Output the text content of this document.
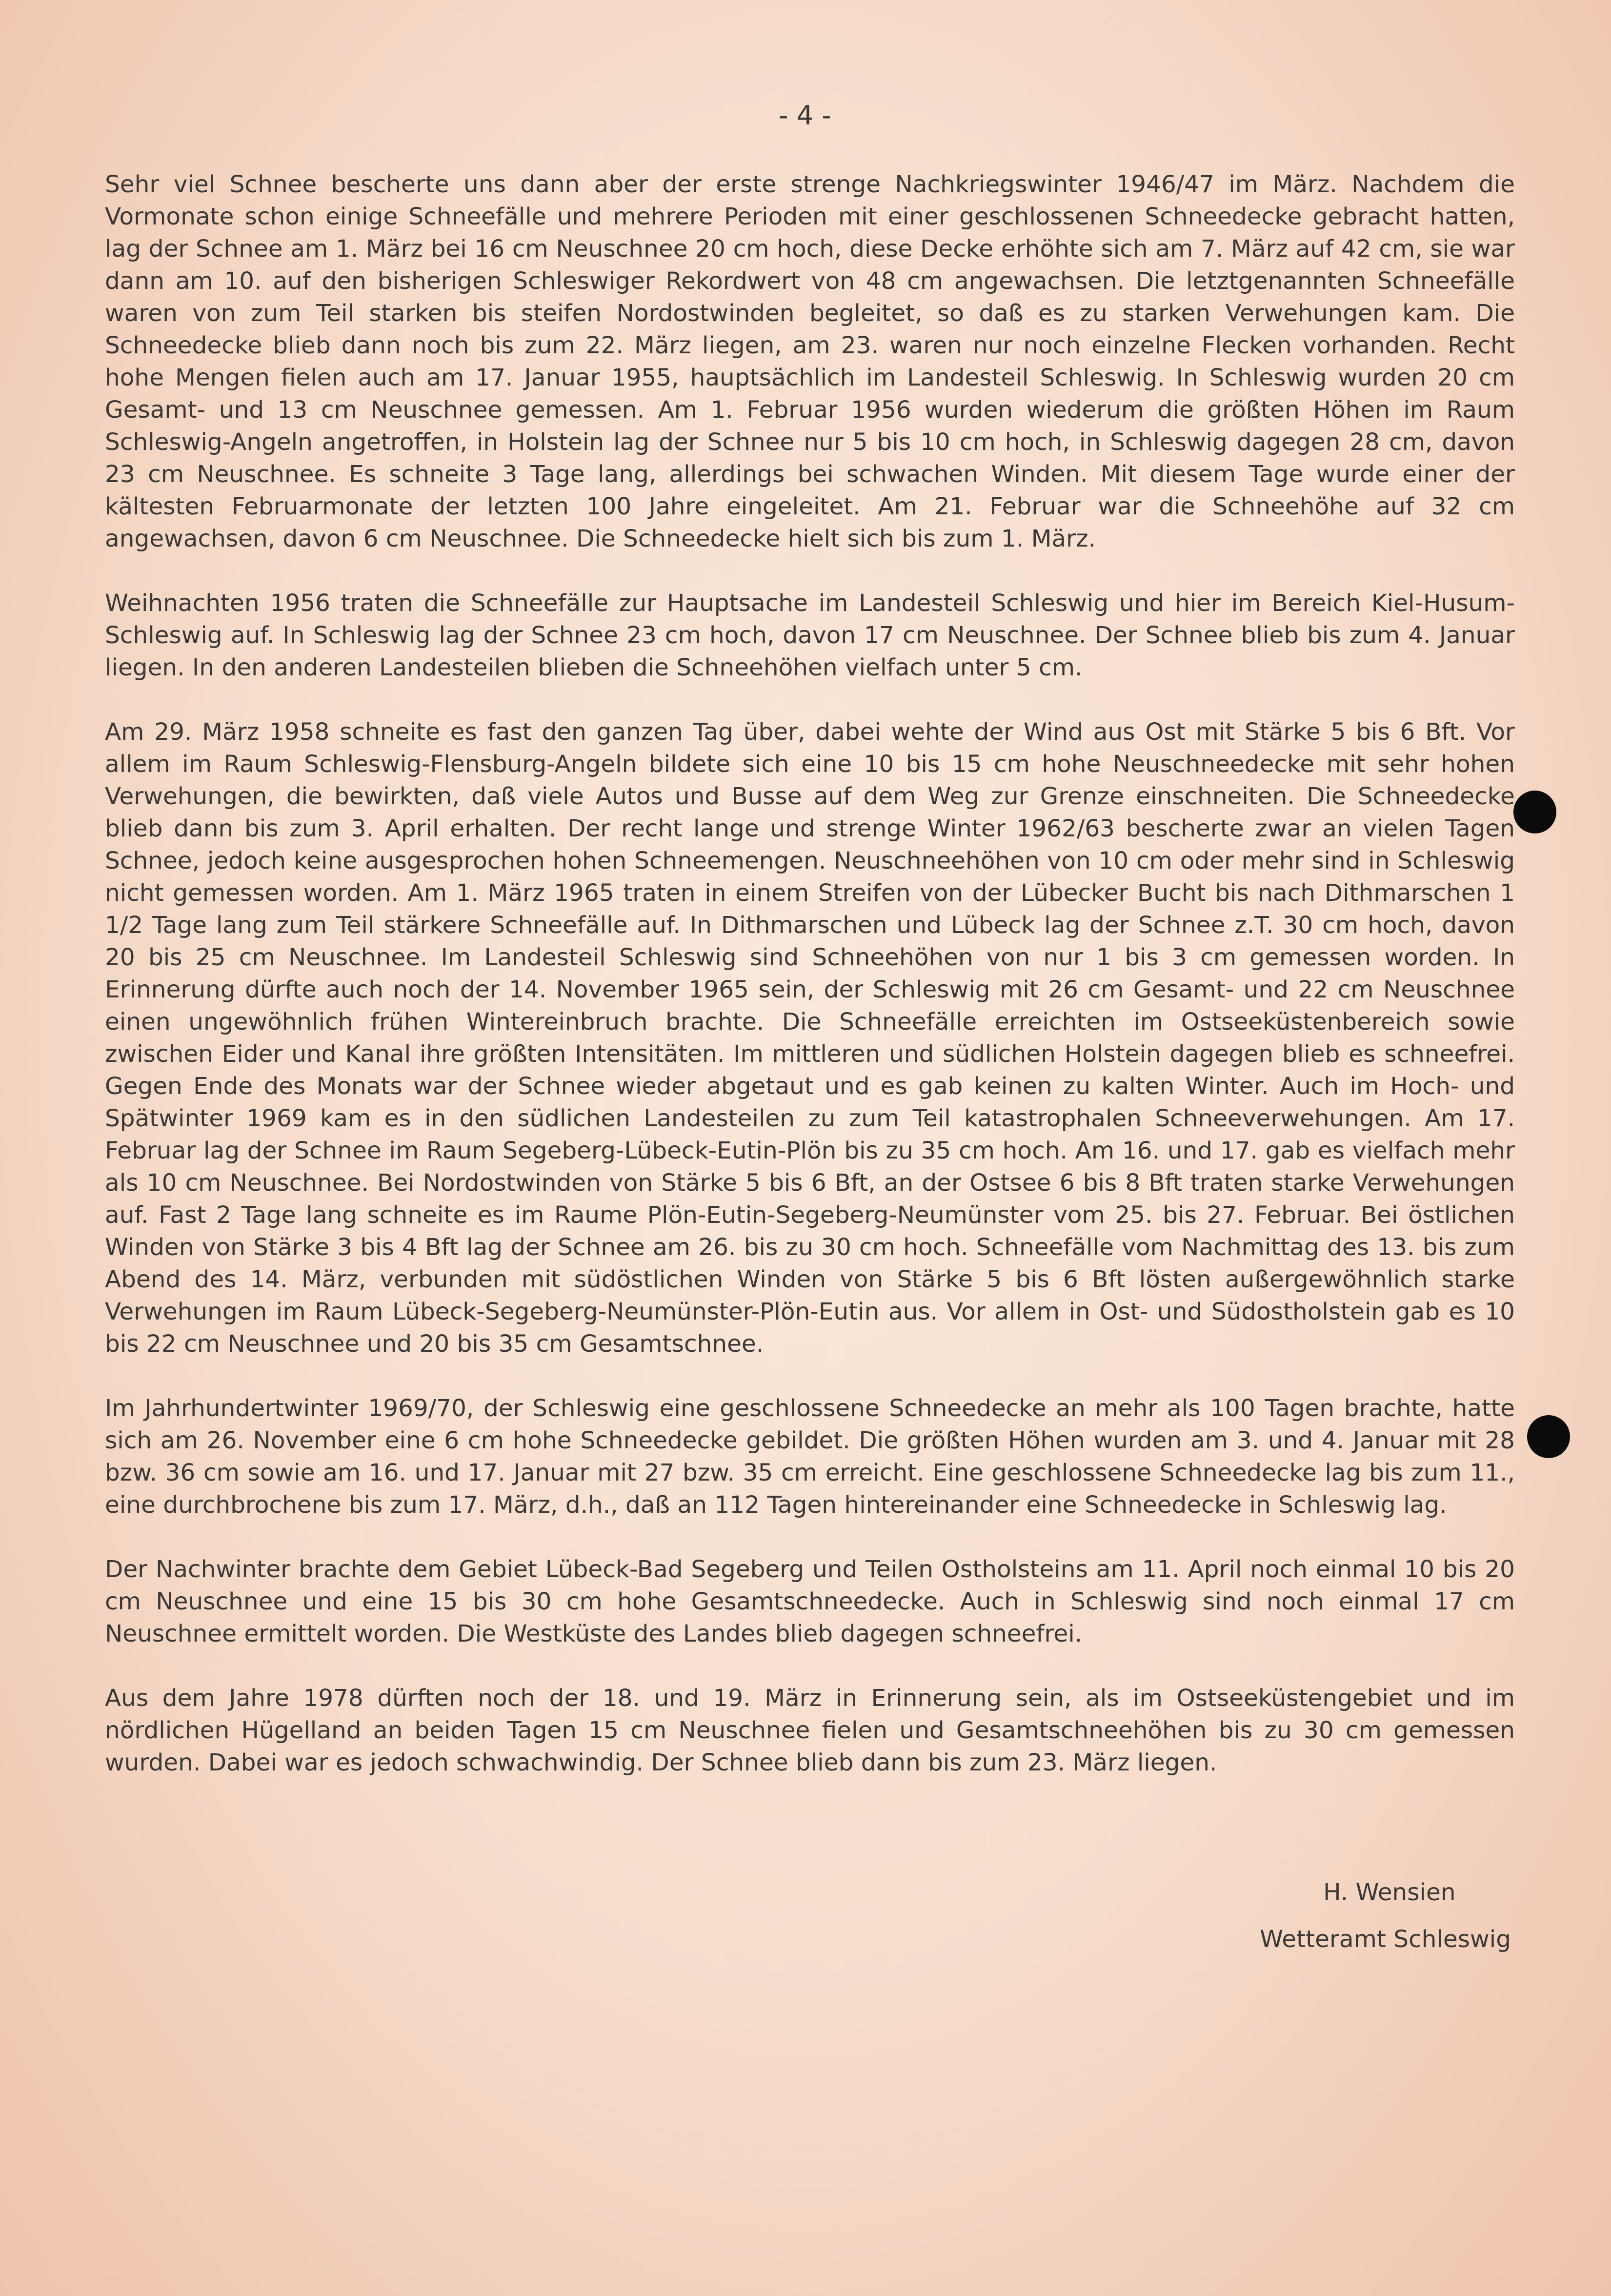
- 4 -

Sehr viel Schnee bescherte uns dann aber der erste strenge Nachkriegswinter 1946/47 im März. Nachdem die Vormonate schon einige Schneefälle und mehrere Perioden mit einer geschlossenen Schneedecke gebracht hatten, lag der Schnee am 1. März bei 16 cm Neuschnee 20 cm hoch, diese Decke erhöhte sich am 7. März auf 42 cm, sie war dann am 10. auf den bisherigen Schleswiger Rekordwert von 48 cm angewachsen. Die letztgenannten Schneefälle waren von zum Teil starken bis steifen Nordostwinden begleitet, so daß es zu starken Verwehungen kam. Die Schneedecke blieb dann noch bis zum 22. März liegen, am 23. waren nur noch einzelne Flecken vorhanden. Recht hohe Mengen fielen auch am 17. Januar 1955, hauptsächlich im Landesteil Schleswig. In Schleswig wurden 20 cm Gesamt- und 13 cm Neuschnee gemessen. Am 1. Februar 1956 wurden wiederum die größten Höhen im Raum Schleswig-Angeln angetroffen, in Holstein lag der Schnee nur 5 bis 10 cm hoch, in Schleswig dagegen 28 cm, davon 23 cm Neuschnee. Es schneite 3 Tage lang, allerdings bei schwachen Winden. Mit diesem Tage wurde einer der kältesten Februarmonate der letzten 100 Jahre eingeleitet. Am 21. Februar war die Schneehöhe auf 32 cm angewachsen, davon 6 cm Neuschnee. Die Schneedecke hielt sich bis zum 1. März.

Weihnachten 1956 traten die Schneefälle zur Hauptsache im Landesteil Schleswig und hier im Bereich Kiel-Husum-Schleswig auf. In Schleswig lag der Schnee 23 cm hoch, davon 17 cm Neuschnee. Der Schnee blieb bis zum 4. Januar liegen. In den anderen Landesteilen blieben die Schneehöhen vielfach unter 5 cm.

Am 29. März 1958 schneite es fast den ganzen Tag über, dabei wehte der Wind aus Ost mit Stärke 5 bis 6 Bft. Vor allem im Raum Schleswig-Flensburg-Angeln bildete sich eine 10 bis 15 cm hohe Neuschneedecke mit sehr hohen Verwehungen, die bewirkten, daß viele Autos und Busse auf dem Weg zur Grenze einschneiten. Die Schneedecke blieb dann bis zum 3. April erhalten. Der recht lange und strenge Winter 1962/63 bescherte zwar an vielen Tagen Schnee, jedoch keine ausgesprochen hohen Schneemengen. Neuschneehöhen von 10 cm oder mehr sind in Schleswig nicht gemessen worden. Am 1. März 1965 traten in einem Streifen von der Lübecker Bucht bis nach Dithmarschen 1 1/2 Tage lang zum Teil stärkere Schneefälle auf. In Dithmarschen und Lübeck lag der Schnee z.T. 30 cm hoch, davon 20 bis 25 cm Neuschnee. Im Landesteil Schleswig sind Schneehöhen von nur 1 bis 3 cm gemessen worden. In Erinnerung dürfte auch noch der 14. November 1965 sein, der Schleswig mit 26 cm Gesamt- und 22 cm Neuschnee einen ungewöhnlich frühen Wintereinbruch brachte. Die Schneefälle erreichten im Ostseeküstenbereich sowie zwischen Eider und Kanal ihre größten Intensitäten. Im mittleren und südlichen Holstein dagegen blieb es schneefrei. Gegen Ende des Monats war der Schnee wieder abgetaut und es gab keinen zu kalten Winter. Auch im Hoch- und Spätwinter 1969 kam es in den südlichen Landesteilen zu zum Teil katastrophalen Schneeverwehungen. Am 17. Februar lag der Schnee im Raum Segeberg-Lübeck-Eutin-Plön bis zu 35 cm hoch. Am 16. und 17. gab es vielfach mehr als 10 cm Neuschnee. Bei Nordostwinden von Stärke 5 bis 6 Bft, an der Ostsee 6 bis 8 Bft traten starke Verwehungen auf. Fast 2 Tage lang schneite es im Raume Plön-Eutin-Segeberg-Neumünster vom 25. bis 27. Februar. Bei östlichen Winden von Stärke 3 bis 4 Bft lag der Schnee am 26. bis zu 30 cm hoch. Schneefälle vom Nachmittag des 13. bis zum Abend des 14. März, verbunden mit südöstlichen Winden von Stärke 5 bis 6 Bft lösten außergewöhnlich starke Verwehungen im Raum Lübeck-Segeberg-Neumünster-Plön-Eutin aus. Vor allem in Ost- und Südostholstein gab es 10 bis 22 cm Neuschnee und 20 bis 35 cm Gesamtschnee.

Im Jahrhundertwinter 1969/70, der Schleswig eine geschlossene Schneedecke an mehr als 100 Tagen brachte, hatte sich am 26. November eine 6 cm hohe Schneedecke gebildet. Die größten Höhen wurden am 3. und 4. Januar mit 28 bzw. 36 cm sowie am 16. und 17. Januar mit 27 bzw. 35 cm erreicht. Eine geschlossene Schneedecke lag bis zum 11., eine durchbrochene bis zum 17. März, d.h., daß an 112 Tagen hintereinander eine Schneedecke in Schleswig lag.

Der Nachwinter brachte dem Gebiet Lübeck-Bad Segeberg und Teilen Ostholsteins am 11. April noch einmal 10 bis 20 cm Neuschnee und eine 15 bis 30 cm hohe Gesamtschneedecke. Auch in Schleswig sind noch einmal 17 cm Neuschnee ermittelt worden. Die Westküste des Landes blieb dagegen schneefrei.

Aus dem Jahre 1978 dürften noch der 18. und 19. März in Erinnerung sein, als im Ostseeküstengebiet und im nördlichen Hügelland an beiden Tagen 15 cm Neuschnee fielen und Gesamtschneehöhen bis zu 30 cm gemessen wurden. Dabei war es jedoch schwachwindig. Der Schnee blieb dann bis zum 23. März liegen.

H. Wensien
Wetteramt Schleswig
